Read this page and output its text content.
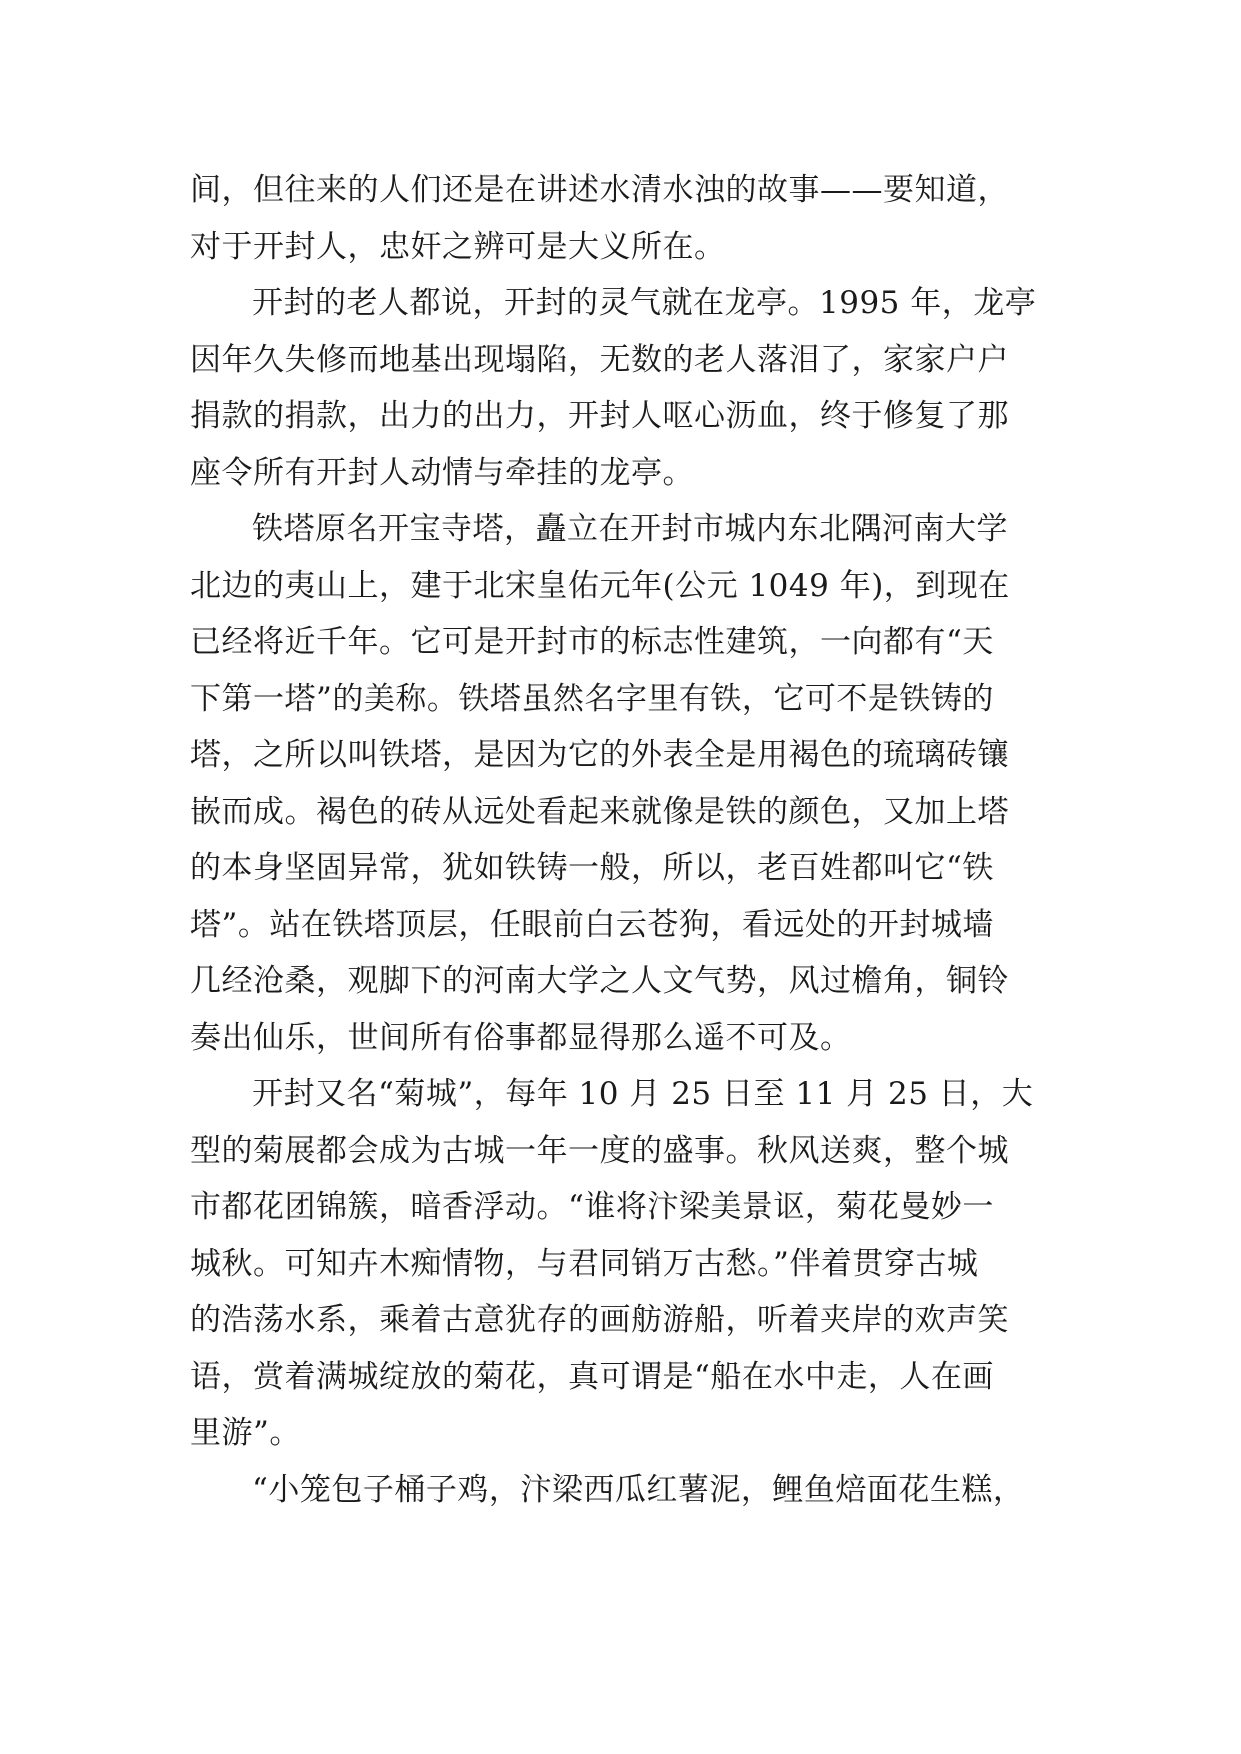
间，但往来的人们还是在讲述水清水浊的故事——要知道，
对于开封人，忠奸之辨可是大义所在。
开封的老人都说，开封的灵气就在龙亭。1995 年，龙亭
因年久失修而地基出现塌陷，无数的老人落泪了，家家户户
捐款的捐款，出力的出力，开封人呕心沥血，终于修复了那
座令所有开封人动情与牵挂的龙亭。
铁塔原名开宝寺塔，矗立在开封市城内东北隅河南大学
北边的夷山上，建于北宋皇佑元年(公元 1049 年)，到现在
已经将近千年。它可是开封市的标志性建筑，一向都有“天
下第一塔”的美称。铁塔虽然名字里有铁，它可不是铁铸的
塔，之所以叫铁塔，是因为它的外表全是用褐色的琉璃砖镶
嵌而成。褐色的砖从远处看起来就像是铁的颜色，又加上塔
的本身坚固异常，犹如铁铸一般，所以，老百姓都叫它“铁
塔”。站在铁塔顶层，任眼前白云苍狗，看远处的开封城墙
几经沧桑，观脚下的河南大学之人文气势，风过檐角，铜铃
奏出仙乐，世间所有俗事都显得那么遥不可及。
开封又名“菊城”，每年 10 月 25 日至 11 月 25 日，大
型的菊展都会成为古城一年一度的盛事。秋风送爽，整个城
市都花团锦簇，暗香浮动。“谁将汴梁美景讴，菊花曼妙一
城秋。可知卉木痴情物，与君同销万古愁。”伴着贯穿古城
的浩荡水系，乘着古意犹存的画舫游船，听着夹岸的欢声笑
语，赏着满城绽放的菊花，真可谓是“船在水中走，人在画
里游”。
“小笼包子桶子鸡，汴梁西瓜红薯泥，鲤鱼焙面花生糕，
